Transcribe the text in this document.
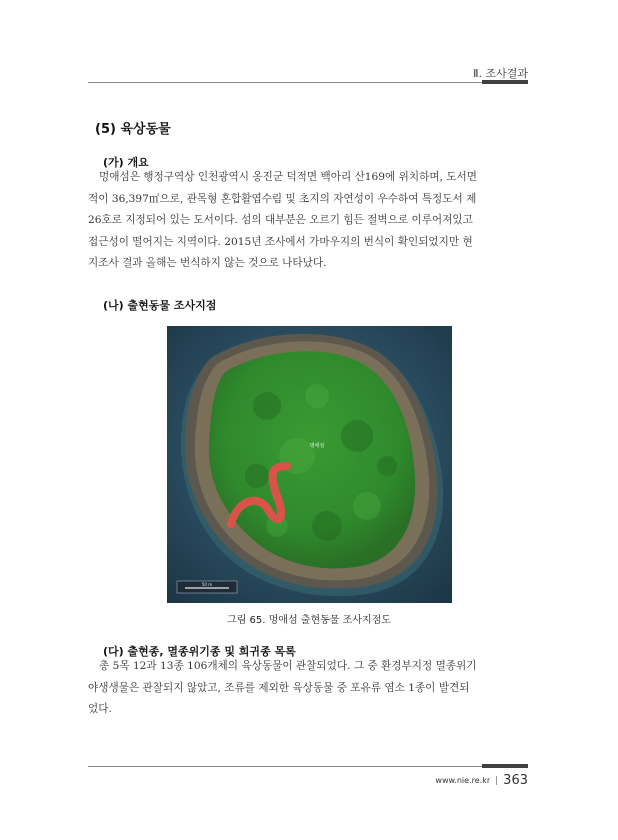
Ⅱ. 조사결과
(5) 육상동물
(가) 개요
멍애섬은 행정구역상 인천광역시 옹진군 덕적면 백아리 산169에 위치하며, 도서면
적이 36,397㎡으로, 관목형 혼합활엽수림 및 초지의 자연성이 우수하여 특정도서 제
26호로 지정되어 있는 도서이다. 섬의 대부분은 오르기 힘든 절벽으로 이루어져있고
접근성이 떨어지는 지역이다. 2015년 조사에서 가마우지의 번식이 확인되었지만 현
지조사 결과 올해는 번식하지 않는 것으로 나타났다.
(나) 출현동물 조사지점
멍애섬
50 m
그림 65. 멍애섬 출현동물 조사지점도
(다) 출현종, 멸종위기종 및 희귀종 목록
총 5목 12과 13종 106개체의 육상동물이 관찰되었다. 그 중 환경부지정 멸종위기
야생생물은 관찰되지 않았고, 조류를 제외한 육상동물 중 포유류 염소 1종이 발견되
었다.
www.nie.re.kr | 363
